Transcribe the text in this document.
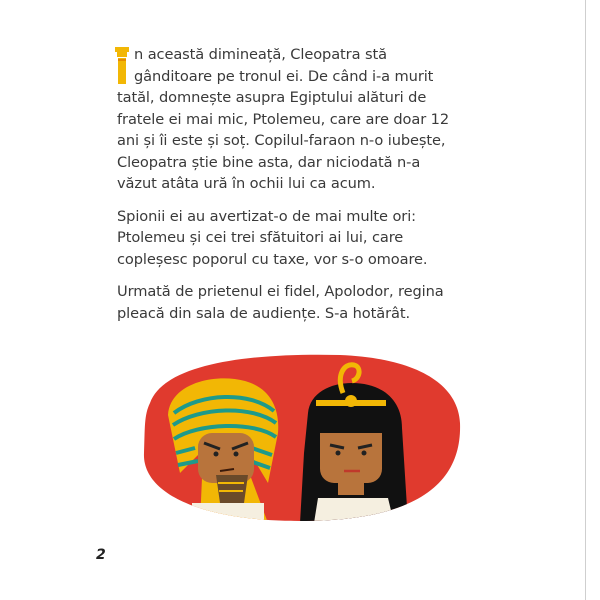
n această dimineață, Cleopatra stă
gânditoare pe tronul ei. De când i-a murit tatăl, domnește asupra Egiptului alături de fratele ei mai mic, Ptolemeu, care are doar 12 ani și îi este și soț. Copilul-faraon n-o iubește, Cleopatra știe bine asta, dar niciodată n-a văzut atâta ură în ochii lui ca acum.

Spionii ei au avertizat-o de mai multe ori: Ptolemeu și cei trei sfătuitori ai lui, care copleșesc poporul cu taxe, vor s-o omoare.

Urmată de prietenul ei fidel, Apolodor, regina pleacă din sala de audiențe. S-a hotărât.

2
